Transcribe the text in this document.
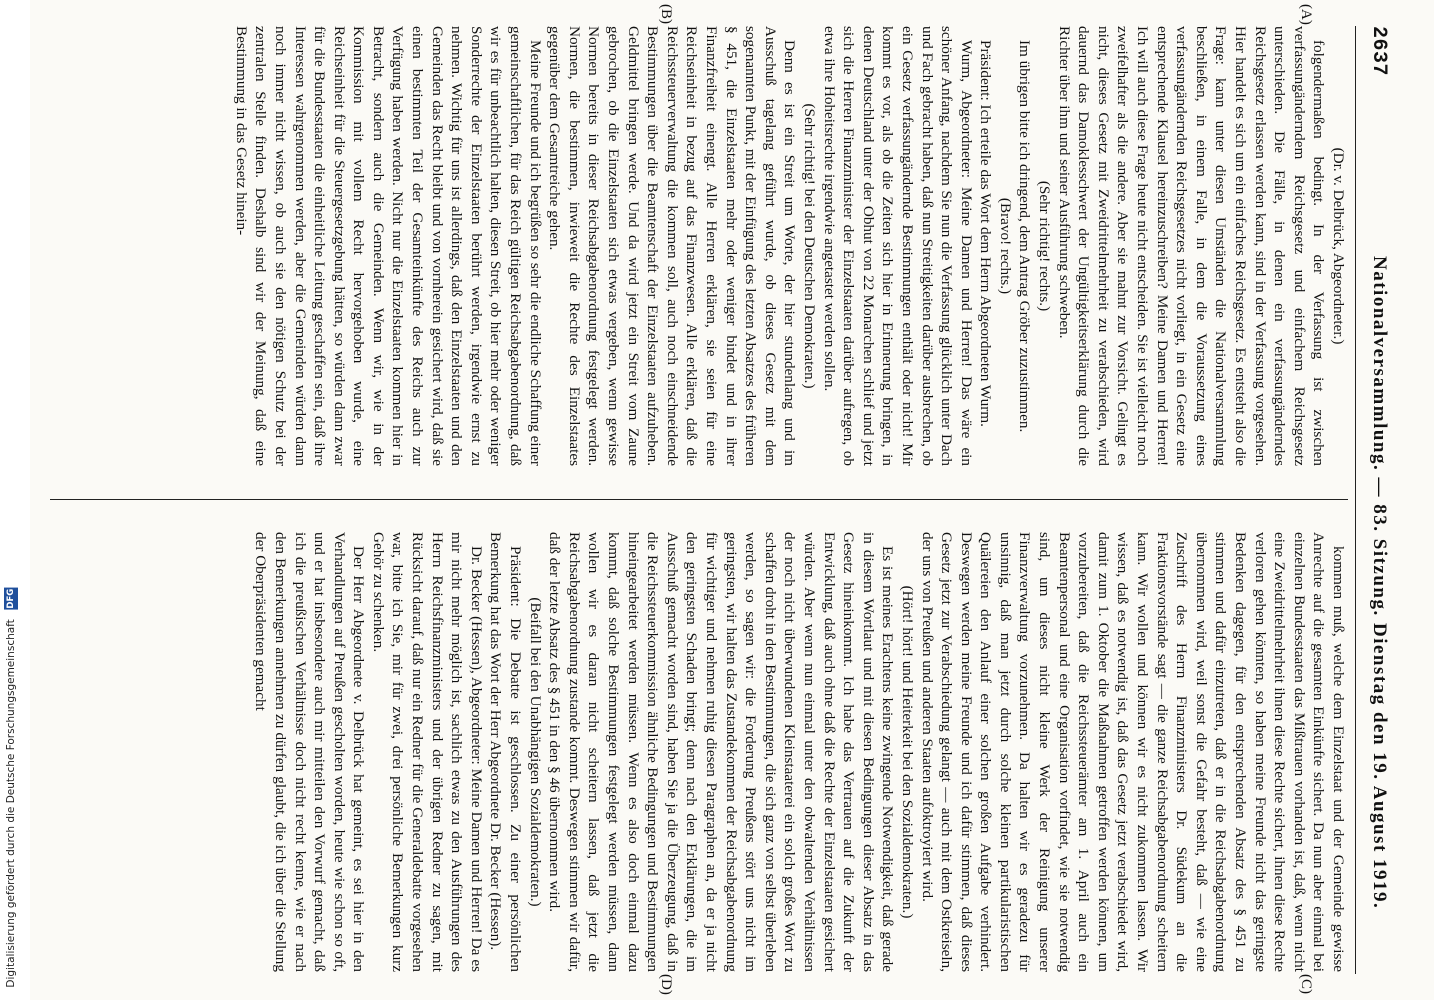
2637
Nationalversammlung. — 83. Sitzung. Dienstag den 19. August 1919.
(A)
(B)
(C)
(D)

(Dr. v. Delbrück, Abgeordneter.)

folgendermaßen bedingt. In der Verfassung ist zwischen verfassungänderndem Reichsgesetz und einfachem Reichsgesetz unterschieden. Die Fälle, in denen ein verfassungänderndes Reichsgesetz erlassen werden kann, sind in der Verfassung vorgesehen. Hier handelt es sich um ein einfaches Reichsgesetz. Es entsteht also die Frage: kann unter diesen Umständen die Nationalversammlung beschließen, in einem Falle, in dem die Voraussetzung eines verfassungändernden Reichsgesetzes nicht vorliegt, in ein Gesetz eine entsprechende Klausel hereinzuschreiben? Meine Damen und Herren! Ich will auch diese Frage heute nicht entscheiden. Sie ist vielleicht noch zweifelhafter als die andere. Aber sie mahnt zur Vorsicht. Gelingt es nicht, dieses Gesetz mit Zweidrittelmehrheit zu verabschieden, wird dauernd das Damoklesschwert der Ungültigkeitserklärung durch die Richter über ihm und seiner Ausführung schweben.

(Sehr richtig! rechts.)

Im übrigen bitte ich dringend, dem Antrag Gröber zuzustimmen.

(Bravo! rechts.)

Präsident: Ich erteile das Wort dem Herrn Abgeordneten Wurm.

Wurm, Abgeordneter: Meine Damen und Herren! Das wäre ein schöner Anfang, nachdem Sie nun die Verfassung glücklich unter Dach und Fach gebracht haben, daß nun Streitigkeiten darüber ausbrechen, ob ein Gesetz verfassungändernde Bestimmungen enthält oder nicht! Mir kommt es vor, als ob die Zeiten sich hier in Erinnerung bringen, in denen Deutschland unter der Obhut von 22 Monarchen schlief und jetzt sich die Herren Finanzminister der Einzelstaaten darüber aufregen, ob etwa ihre Hoheitsrechte irgendwie angetastet werden sollen.

(Sehr richtig! bei den Deutschen Demokraten.)

Denn es ist ein Streit um Worte, der hier stundenlang und im Ausschuß tagelang geführt wurde, ob dieses Gesetz mit dem sogenannten Punkt, mit der Einfügung des letzten Absatzes des früheren § 451, die Einzelstaaten mehr oder weniger bindet und in ihrer Finanzfreiheit einengt. Alle Herren erklären, sie seien für eine Reichseinheit in bezug auf das Finanzwesen. Alle erklären, daß die Reichssteuerverwaltung die kommen soll, auch noch einschneidende Bestimmungen über die Beamtenschaft der Einzelstaaten aufzuheben. Geldmittel bringen werde. Und da wird jetzt ein Streit vom Zaune gebrochen, ob die Einzelstaaten sich etwas vergeben, wenn gewisse Normen bereits in dieser Reichsabgabenordnung festgelegt werden. Normen, die bestimmen, inwieweit die Rechte des Einzelstaates gegenüber dem Gesamtreiche gehen.

Meine Freunde und ich begrüßen so sehr die endliche Schaffung einer gemeinschaftlichen, für das Reich gültigen Reichsabgabenordnung, daß wir es für unbeachtlich halten, diesen Streit, ob hier mehr oder weniger Sonderrechte der Einzelstaaten berührt werden, irgendwie ernst zu nehmen. Wichtig für uns ist allerdings, daß den Einzelstaaten und den Gemeinden das Recht bleibt und von vornherein gesichert wird, daß sie einen bestimmten Teil der Gesamteinkünfte des Reichs auch zur Verfügung haben werden. Nicht nur die Einzelstaaten kommen hier in Betracht, sondern auch die Gemeinden. Wenn wir, wie in der Kommission mit vollem Recht hervorgehoben wurde, eine Reichseinheit für die Steuergesetzgebung hätten, so würden dann zwar für die Bundesstaaten die einheitliche Leitung geschaffen sein, daß ihre Interessen wahrgenommen werden, aber die Gemeinden würden dann noch immer nicht wissen, ob auch sie den nötigen Schutz bei der zentralen Stelle finden. Deshalb sind wir der Meinung, daß eine Bestimmung in das Gesetz hinein-

kommen muß, welche dem Einzelstaat und der Gemeinde gewisse Anrechte auf die gesamten Einkünfte sichert. Da nun aber einmal bei einzelnen Bundesstaaten das Mißtrauen vorhanden ist, daß, wenn nicht eine Zweidrittelmehrheit ihnen diese Rechte sichert, ihnen diese Rechte verloren gehen könnten, so haben meine Freunde nicht das geringste Bedenken dagegen, für den entsprechenden Absatz des § 451 zu stimmen und dafür einzutreten, daß er in die Reichsabgabenordnung übernommen wird, weil sonst die Gefahr besteht, daß — wie eine Zuschrift des Herrn Finanzministers Dr. Südekum an die Fraktionsvorstände sagt — die ganze Reichsabgabenordnung scheitern kann. Wir wollen und können wir es nicht zukommen lassen. Wir wissen, daß es notwendig ist, daß das Gesetz jetzt verabschiedet wird, damit zum 1. Oktober die Maßnahmen getroffen werden können, um vorzubereiten, daß die Reichssteuerämter am 1. April auch ein Beamtenpersonal und eine Organisation vorfindet, wie sie notwendig sind, um dieses nicht kleine Werk der Reinigung unserer Finanzverwaltung vorzunehmen. Da halten wir es geradezu für unsinnig, daß man jetzt durch solche kleinen partikularistischen Quälereien den Anlauf einer solchen großen Aufgabe verhindert. Deswegen werden meine Freunde und ich dafür stimmen, daß dieses Gesetz jetzt zur Verabschiedung gelangt — auch mit dem Ostkreiseln, der uns von Preußen und anderen Staaten aufoktroyiert wird.

(Hört! hört! und Heiterkeit bei den Sozialdemokraten.)

Es ist meines Erachtens keine zwingende Notwendigkeit, daß gerade in diesem Wortlaut und mit diesen Bedingungen dieser Absatz in das Gesetz hineinkommt. Ich habe das Vertrauen auf die Zukunft der Entwicklung, daß auch ohne daß die Rechte der Einzelstaaten gesichert würden. Aber wenn nun einmal unter den obwaltenden Verhältnissen der noch nicht überwundenen Kleinstaaterei ein solch großes Wort zu schaffen droht in den Bestimmungen, die sich ganz von selbst überleben werden, so sagen wir: die Forderung Preußens stört uns nicht im geringsten, wir halten das Zustandekommen der Reichsabgabenordnung für wichtiger und nehmen ruhig diesen Paragraphen an, da er ja nicht den geringsten Schaden bringt; denn nach den Erklärungen, die im Ausschuß gemacht worden sind, haben Sie ja die Überzeugung, daß in die Reichssteuerkommission ähnliche Bedingungen und Bestimmungen hineingearbeitet werden müssen. Wenn es also doch einmal dazu kommt, daß solche Bestimmungen festgelegt werden müssen, dann wollen wir es daran nicht scheitern lassen, daß jetzt die Reichsabgabenordnung zustande kommt. Deswegen stimmen wir dafür, daß der letzte Absatz des § 451 in den § 46 übernommen wird.

(Beifall bei den Unabhängigen Sozialdemokraten.)

Präsident: Die Debatte ist geschlossen. Zu einer persönlichen Bemerkung hat das Wort der Herr Abgeordnete Dr. Becker (Hessen).

Dr. Becker (Hessen), Abgeordneter: Meine Damen und Herren! Da es mir nicht mehr möglich ist, sachlich etwas zu den Ausführungen des Herrn Reichsfinanzministers und der übrigen Redner zu sagen, mit Rücksicht darauf, daß nur ein Redner für die Generaldebatte vorgesehen war, bitte ich Sie, mir für zwei, drei persönliche Bemerkungen kurz Gehör zu schenken.

Der Herr Abgeordnete v. Delbrück hat gemeint, es sei hier in den Verhandlungen auf Preußen gescholten worden, heute wie schon so oft, und er hat insbesondere auch mir mitteilen den Vorwurf gemacht, daß ich die preußischen Verhältnisse doch nicht recht kenne, wie er nach den Bemerkungen annehmen zu dürfen glaubt, die ich über die Stellung der Oberpräsidenten gemacht

Digitalisierung gefördert durch die Deutsche Forschungsgemeinschaft DFG
